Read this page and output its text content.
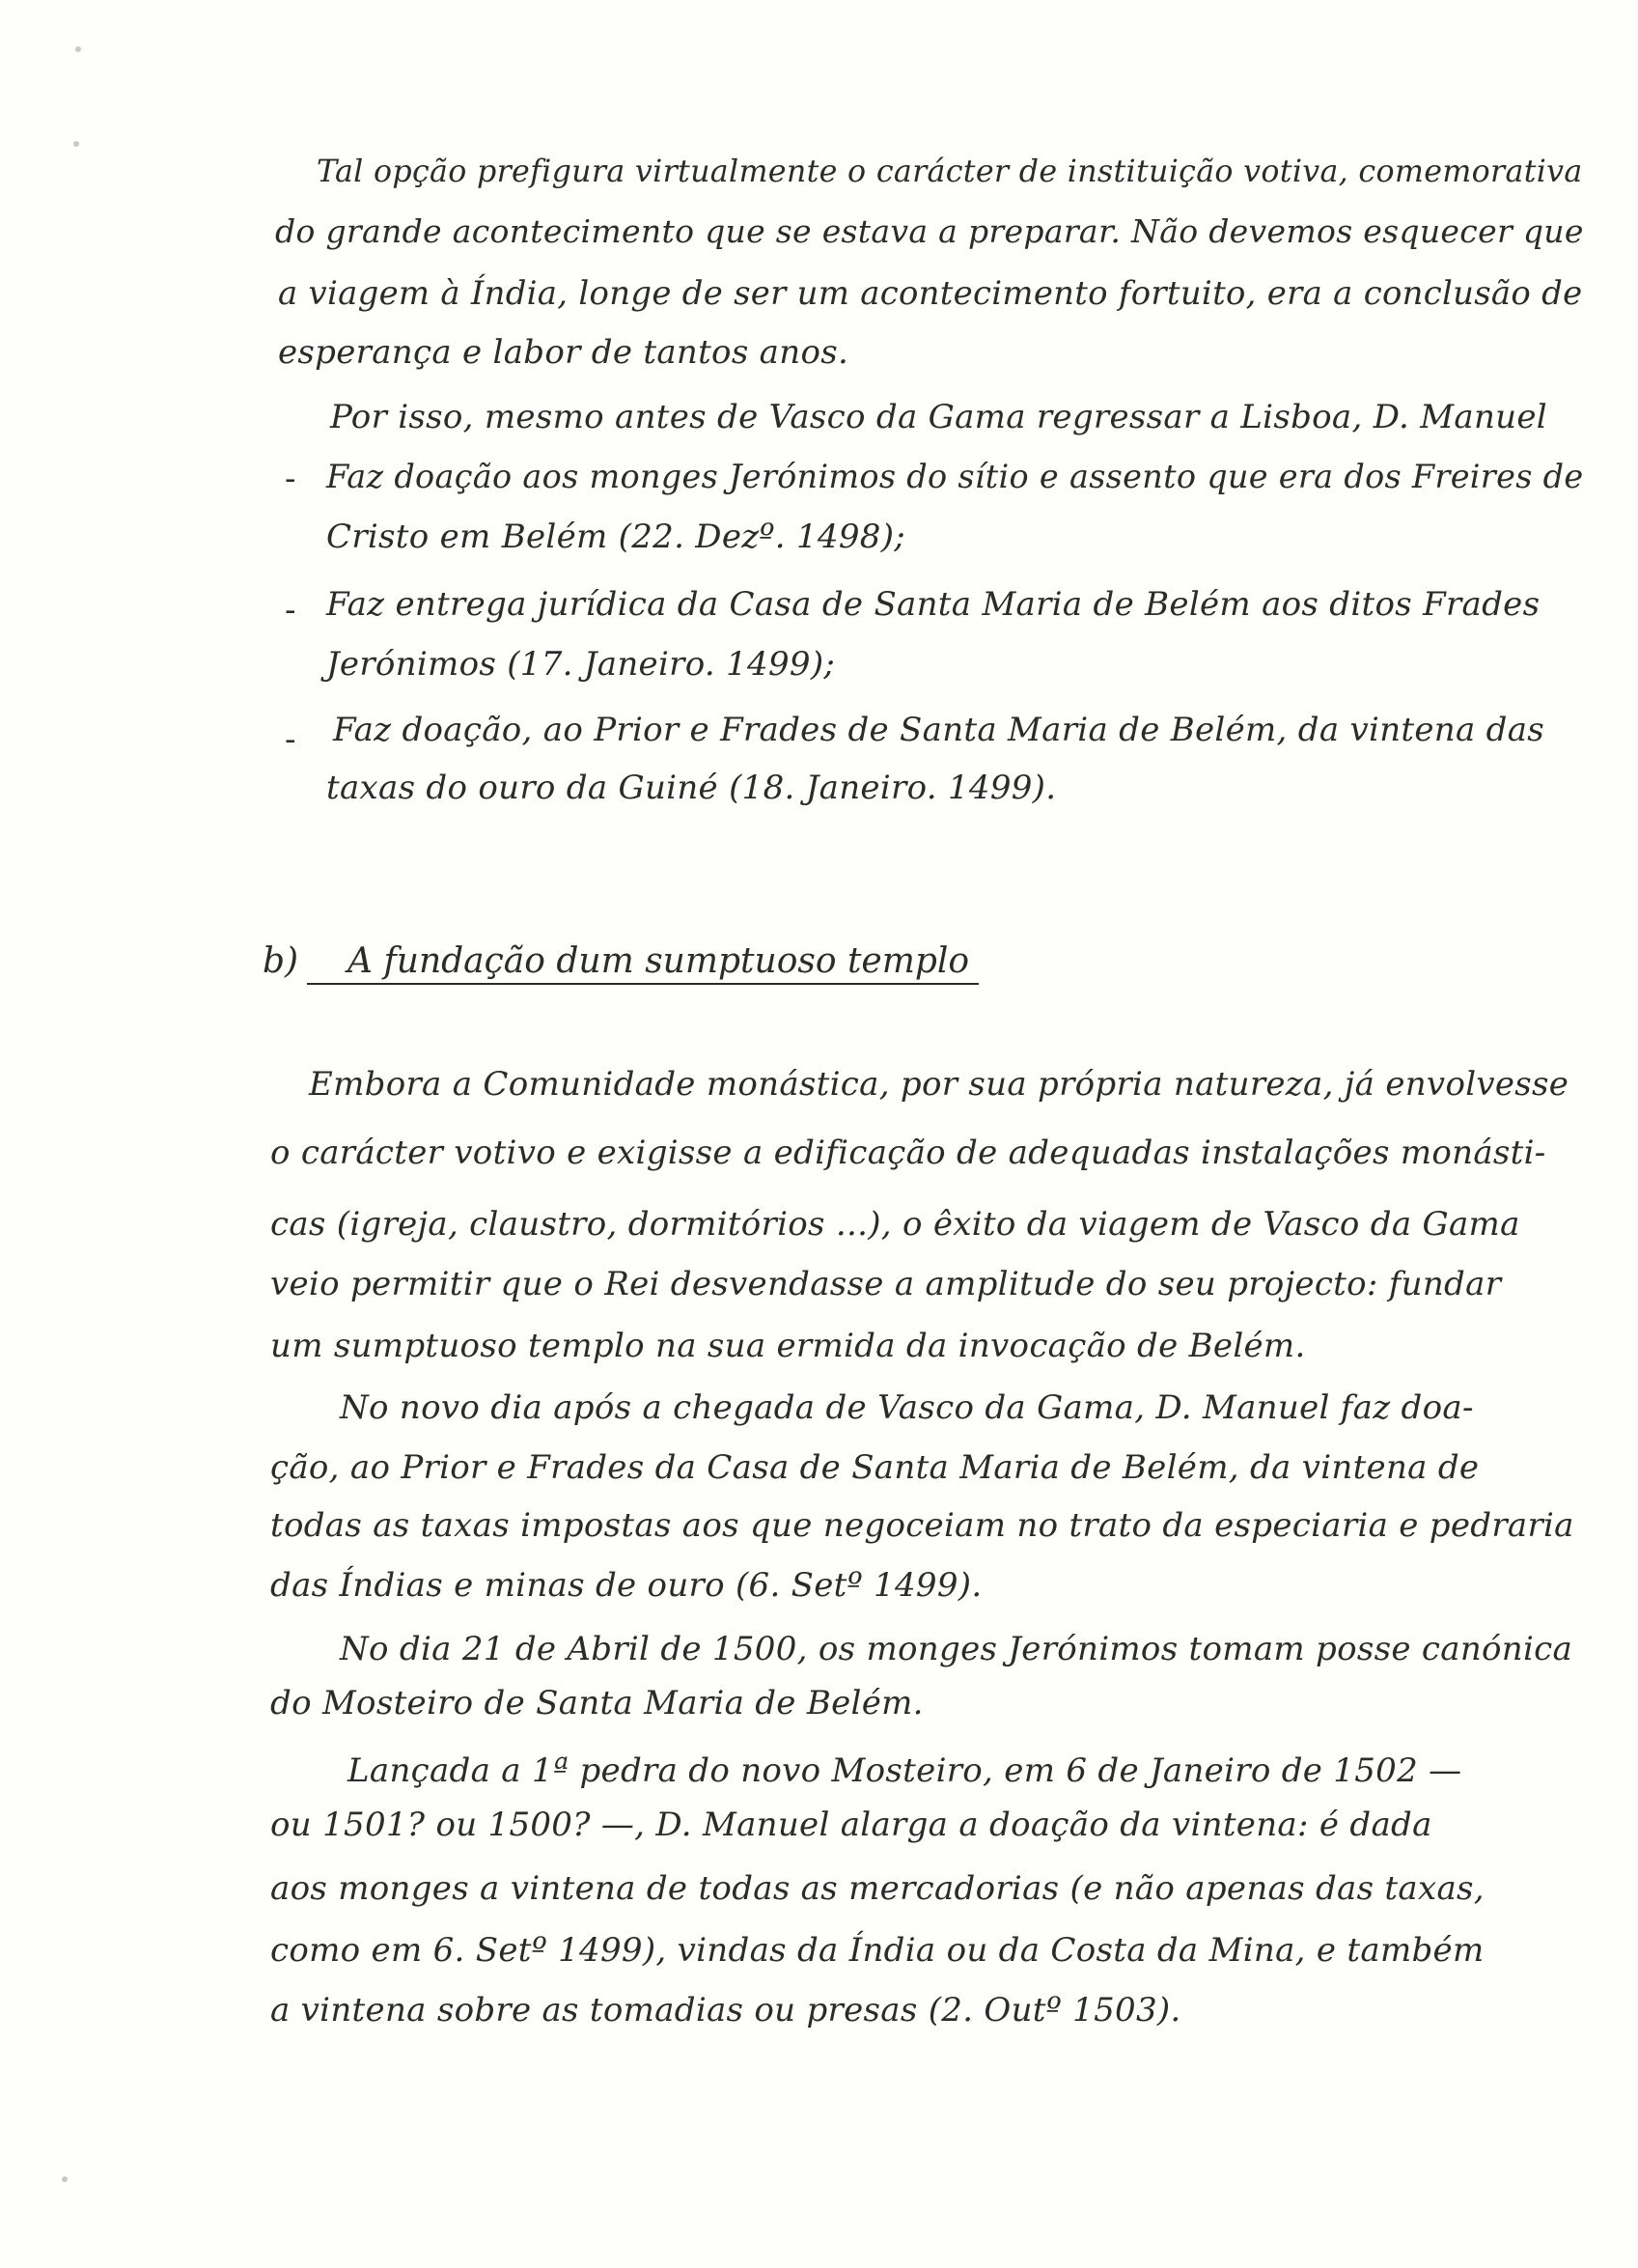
Tal opção prefigura virtualmente o carácter de instituição votiva, comemorativa
do grande acontecimento que se estava a preparar. Não devemos esquecer que
a viagem à Índia, longe de ser um acontecimento fortuito, era a conclusão de
esperança e labor de tantos anos.
Por isso, mesmo antes de Vasco da Gama regressar a Lisboa, D. Manuel
- Faz doação aos monges Jerónimos do sítio e assento que era dos Freires de
Cristo em Belém (22. Dezº. 1498);
- Faz entrega jurídica da Casa de Santa Maria de Belém aos ditos Frades
Jerónimos (17. Janeiro. 1499);
- Faz doação, ao Prior e Frades de Santa Maria de Belém, da vintena das
taxas do ouro da Guiné (18. Janeiro. 1499).
b) A fundação dum sumptuoso templo
Embora a Comunidade monástica, por sua própria natureza, já envolvesse
o carácter votivo e exigisse a edificação de adequadas instalações monásti-
cas (igreja, claustro, dormitórios ...), o êxito da viagem de Vasco da Gama
veio permitir que o Rei desvendasse a amplitude do seu projecto: fundar
um sumptuoso templo na sua ermida da invocação de Belém.
No novo dia após a chegada de Vasco da Gama, D. Manuel faz doa-
ção, ao Prior e Frades da Casa de Santa Maria de Belém, da vintena de
todas as taxas impostas aos que negoceiam no trato da especiaria e pedraria
das Índias e minas de ouro (6. Setº 1499).
No dia 21 de Abril de 1500, os monges Jerónimos tomam posse canónica
do Mosteiro de Santa Maria de Belém.
Lançada a 1ª pedra do novo Mosteiro, em 6 de Janeiro de 1502 —
ou 1501? ou 1500? —, D. Manuel alarga a doação da vintena: é dada
aos monges a vintena de todas as mercadorias (e não apenas das taxas,
como em 6. Setº 1499), vindas da Índia ou da Costa da Mina, e também
a vintena sobre as tomadias ou presas (2. Outº 1503).
